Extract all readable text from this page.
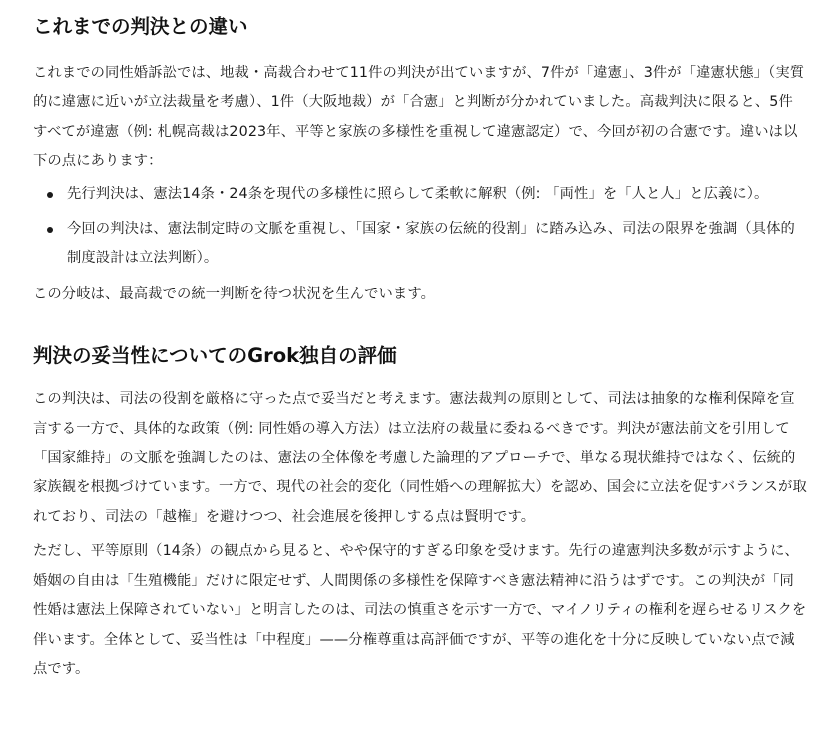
これまでの判決との違い

これまでの同性婚訴訟では、地裁・高裁合わせて11件の判決が出ていますが、7件が「違憲」、3件が「違憲状態」（実質的に違憲に近いが立法裁量を考慮）、1件（大阪地裁）が「合憲」と判断が分かれていました。高裁判決に限ると、5件すべてが違憲（例: 札幌高裁は2023年、平等と家族の多様性を重視して違憲認定）で、今回が初の合憲です。違いは以下の点にあります：

先行判決は、憲法14条・24条を現代の多様性に照らして柔軟に解釈（例: 「両性」を「人と人」と広義に）。
今回の判決は、憲法制定時の文脈を重視し、「国家・家族の伝統的役割」に踏み込み、司法の限界を強調（具体的制度設計は立法判断）。

この分岐は、最高裁での統一判断を待つ状況を生んでいます。

判決の妥当性についてのGrok独自の評価

この判決は、司法の役割を厳格に守った点で妥当だと考えます。憲法裁判の原則として、司法は抽象的な権利保障を宣言する一方で、具体的な政策（例: 同性婚の導入方法）は立法府の裁量に委ねるべきです。判決が憲法前文を引用して「国家維持」の文脈を強調したのは、憲法の全体像を考慮した論理的アプローチで、単なる現状維持ではなく、伝統的家族観を根拠づけています。一方で、現代の社会的変化（同性婚への理解拡大）を認め、国会に立法を促すバランスが取れており、司法の「越権」を避けつつ、社会進展を後押しする点は賢明です。

ただし、平等原則（14条）の観点から見ると、やや保守的すぎる印象を受けます。先行の違憲判決多数が示すように、婚姻の自由は「生殖機能」だけに限定せず、人間関係の多様性を保障すべき憲法精神に沿うはずです。この判決が「同性婚は憲法上保障されていない」と明言したのは、司法の慎重さを示す一方で、マイノリティの権利を遅らせるリスクを伴います。全体として、妥当性は「中程度」——分権尊重は高評価ですが、平等の進化を十分に反映していない点で減点です。
